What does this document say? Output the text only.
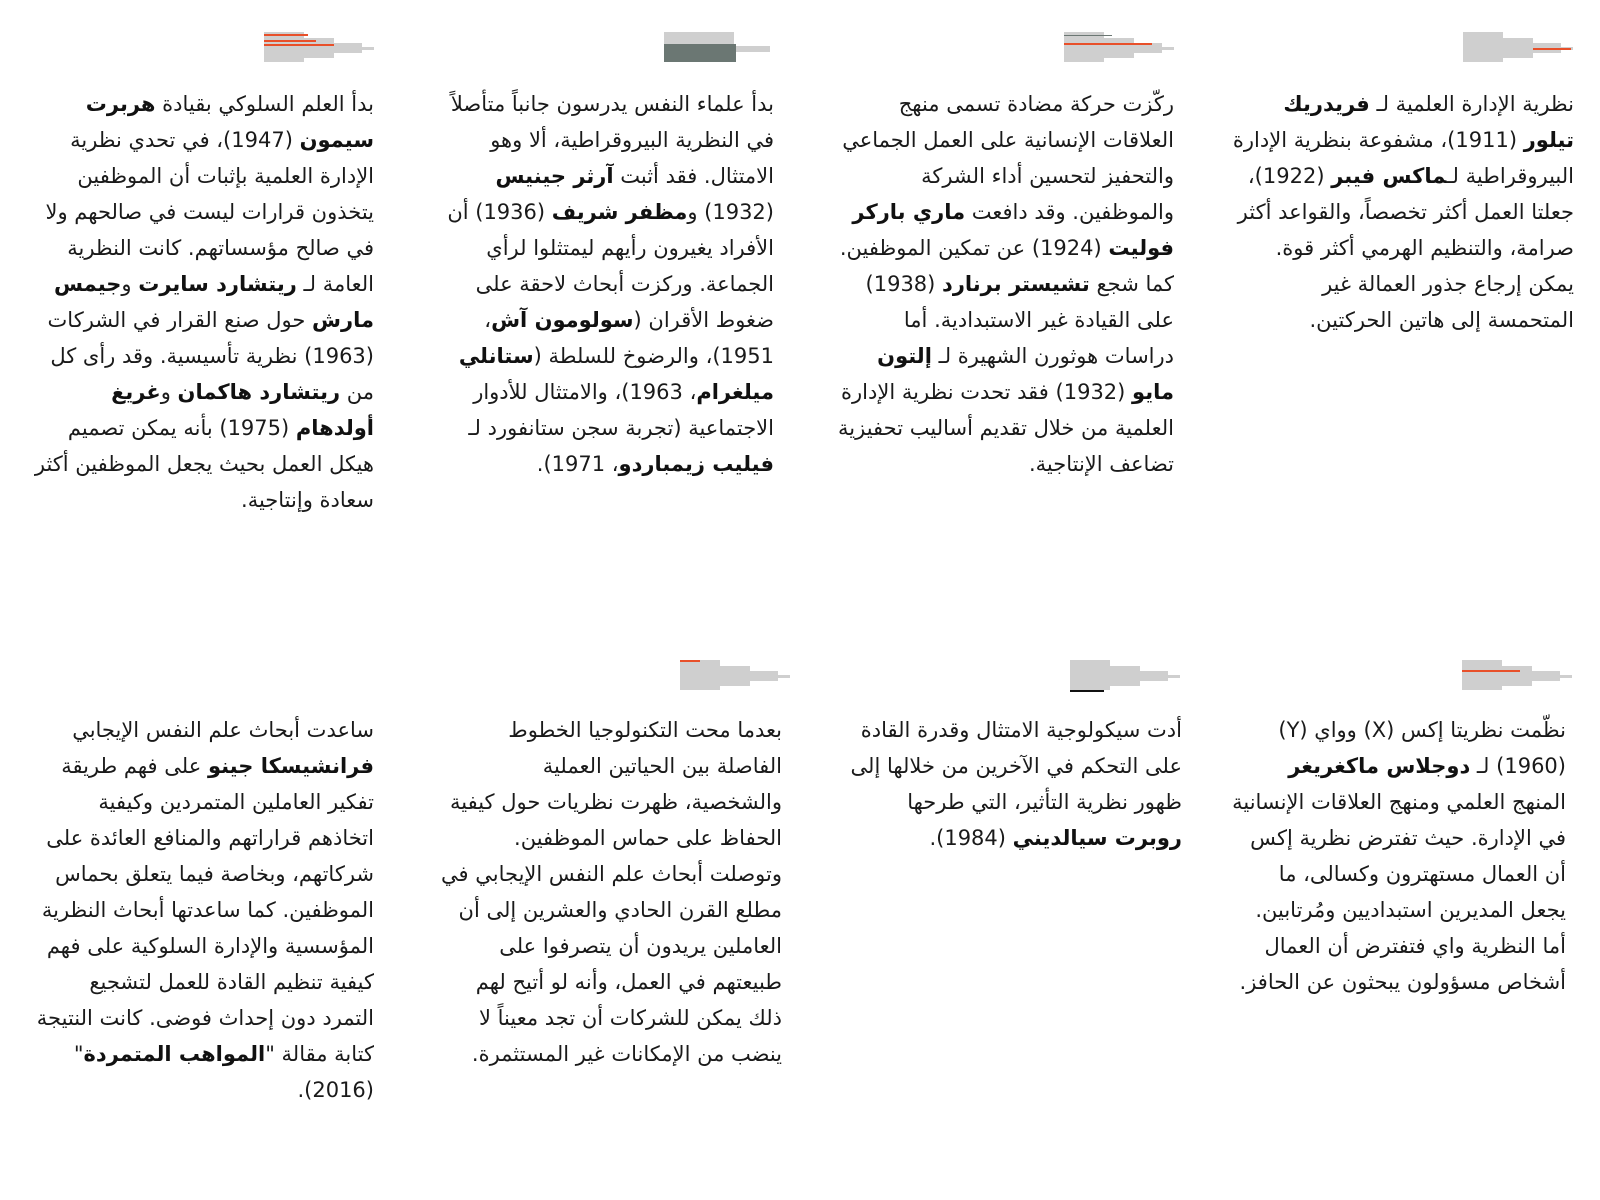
نظرية الإدارة العلمية لـ فريدريك تيلور (1911)، مشفوعة بنظرية الإدارة البيروقراطية لـماكس فيبر (1922)، جعلتا العمل أكثر تخصصاً، والقواعد أكثر صرامة، والتنظيم الهرمي أكثر قوة. يمكن إرجاع جذور العمالة غير المتحمسة إلى هاتين الحركتين.

ركّزت حركة مضادة تسمى منهج العلاقات الإنسانية على العمل الجماعي والتحفيز لتحسين أداء الشركة والموظفين. وقد دافعت ماري باركر فوليت (1924) عن تمكين الموظفين. كما شجع تشيستر برنارد (1938) على القيادة غير الاستبدادية. أما دراسات هوثورن الشهيرة لـ إلتون مايو (1932) فقد تحدت نظرية الإدارة العلمية من خلال تقديم أساليب تحفيزية تضاعف الإنتاجية.

بدأ علماء النفس يدرسون جانباً متأصلاً في النظرية البيروقراطية، ألا وهو الامتثال. فقد أثبت آرثر جينيس (1932) ومظفر شريف (1936) أن الأفراد يغيرون رأيهم ليمتثلوا لرأي الجماعة. وركزت أبحاث لاحقة على ضغوط الأقران (سولومون آش، 1951)، والرضوخ للسلطة (ستانلي ميلغرام، 1963)، والامتثال للأدوار الاجتماعية (تجربة سجن ستانفورد لـ فيليب زيمباردو، 1971).

بدأ العلم السلوكي بقيادة هربرت سيمون (1947)، في تحدي نظرية الإدارة العلمية بإثبات أن الموظفين يتخذون قرارات ليست في صالحهم ولا في صالح مؤسساتهم. كانت النظرية العامة لـ ريتشارد سايرت وجيمس مارش حول صنع القرار في الشركات (1963) نظرية تأسيسية. وقد رأى كل من ريتشارد هاكمان وغريغ أولدهام (1975) بأنه يمكن تصميم هيكل العمل بحيث يجعل الموظفين أكثر سعادة وإنتاجية.

نظّمت نظريتا إكس (X) وواي (Y) (1960) لـ دوجلاس ماكغريغر المنهج العلمي ومنهج العلاقات الإنسانية في الإدارة. حيث تفترض نظرية إكس أن العمال مستهترون وكسالى، ما يجعل المديرين استبداديين ومُرتابين. أما النظرية واي فتفترض أن العمال أشخاص مسؤولون يبحثون عن الحافز.

أدت سيكولوجية الامتثال وقدرة القادة على التحكم في الآخرين من خلالها إلى ظهور نظرية التأثير، التي طرحها روبرت سيالديني (1984).

بعدما محت التكنولوجيا الخطوط الفاصلة بين الحياتين العملية والشخصية، ظهرت نظريات حول كيفية الحفاظ على حماس الموظفين. وتوصلت أبحاث علم النفس الإيجابي في مطلع القرن الحادي والعشرين إلى أن العاملين يريدون أن يتصرفوا على طبيعتهم في العمل، وأنه لو أتيح لهم ذلك يمكن للشركات أن تجد معيناً لا ينضب من الإمكانات غير المستثمرة.

ساعدت أبحاث علم النفس الإيجابي فرانشيسكا جينو على فهم طريقة تفكير العاملين المتمردين وكيفية اتخاذهم قراراتهم والمنافع العائدة على شركاتهم، وبخاصة فيما يتعلق بحماس الموظفين. كما ساعدتها أبحاث النظرية المؤسسية والإدارة السلوكية على فهم كيفية تنظيم القادة للعمل لتشجيع التمرد دون إحداث فوضى. كانت النتيجة كتابة مقالة "المواهب المتمردة" (2016).
